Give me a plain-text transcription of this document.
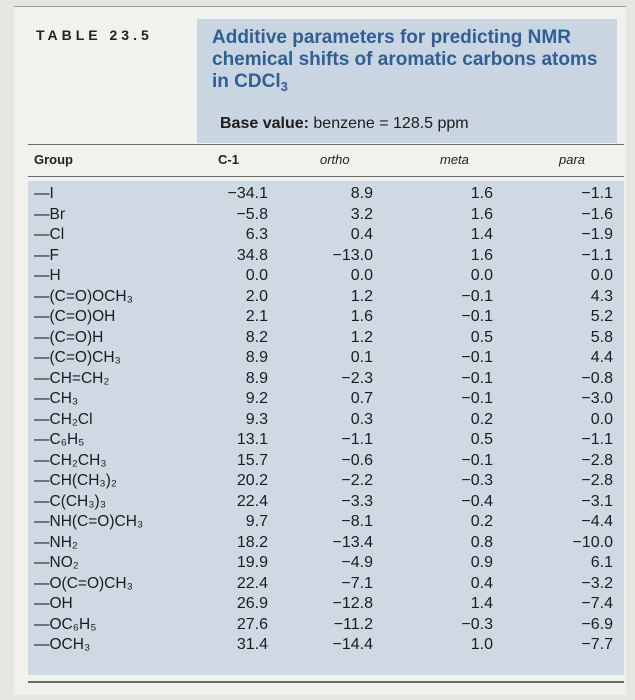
TABLE 23.5	Additive parameters for predicting NMR chemical shifts of aromatic carbons atoms in CDCl$_3$
Base value: benzene = 128.5 ppm
Group	C-1	ortho	meta	para
—I	−34.1	8.9	1.6	−1.1
—Br	−5.8	3.2	1.6	−1.6
—Cl	6.3	0.4	1.4	−1.9
—F	34.8	−13.0	1.6	−1.1
—H	0.0	0.0	0.0	0.0
—(C=O)OCH₃	2.0	1.2	−0.1	4.3
—(C=O)OH	2.1	1.6	−0.1	5.2
—(C=O)H	8.2	1.2	0.5	5.8
—(C=O)CH₃	8.9	0.1	−0.1	4.4
—CH=CH₂	8.9	−2.3	−0.1	−0.8
—CH₃	9.2	0.7	−0.1	−3.0
—CH₂Cl	9.3	0.3	0.2	0.0
—C₆H₅	13.1	−1.1	0.5	−1.1
—CH₂CH₃	15.7	−0.6	−0.1	−2.8
—CH(CH₃)₂	20.2	−2.2	−0.3	−2.8
—C(CH₃)₃	22.4	−3.3	−0.4	−3.1
—NH(C=O)CH₃	9.7	−8.1	0.2	−4.4
—NH₂	18.2	−13.4	0.8	−10.0
—NO₂	19.9	−4.9	0.9	6.1
—O(C=O)CH₃	22.4	−7.1	0.4	−3.2
—OH	26.9	−12.8	1.4	−7.4
—OC₆H₅	27.6	−11.2	−0.3	−6.9
—OCH₃	31.4	−14.4	1.0	−7.7
